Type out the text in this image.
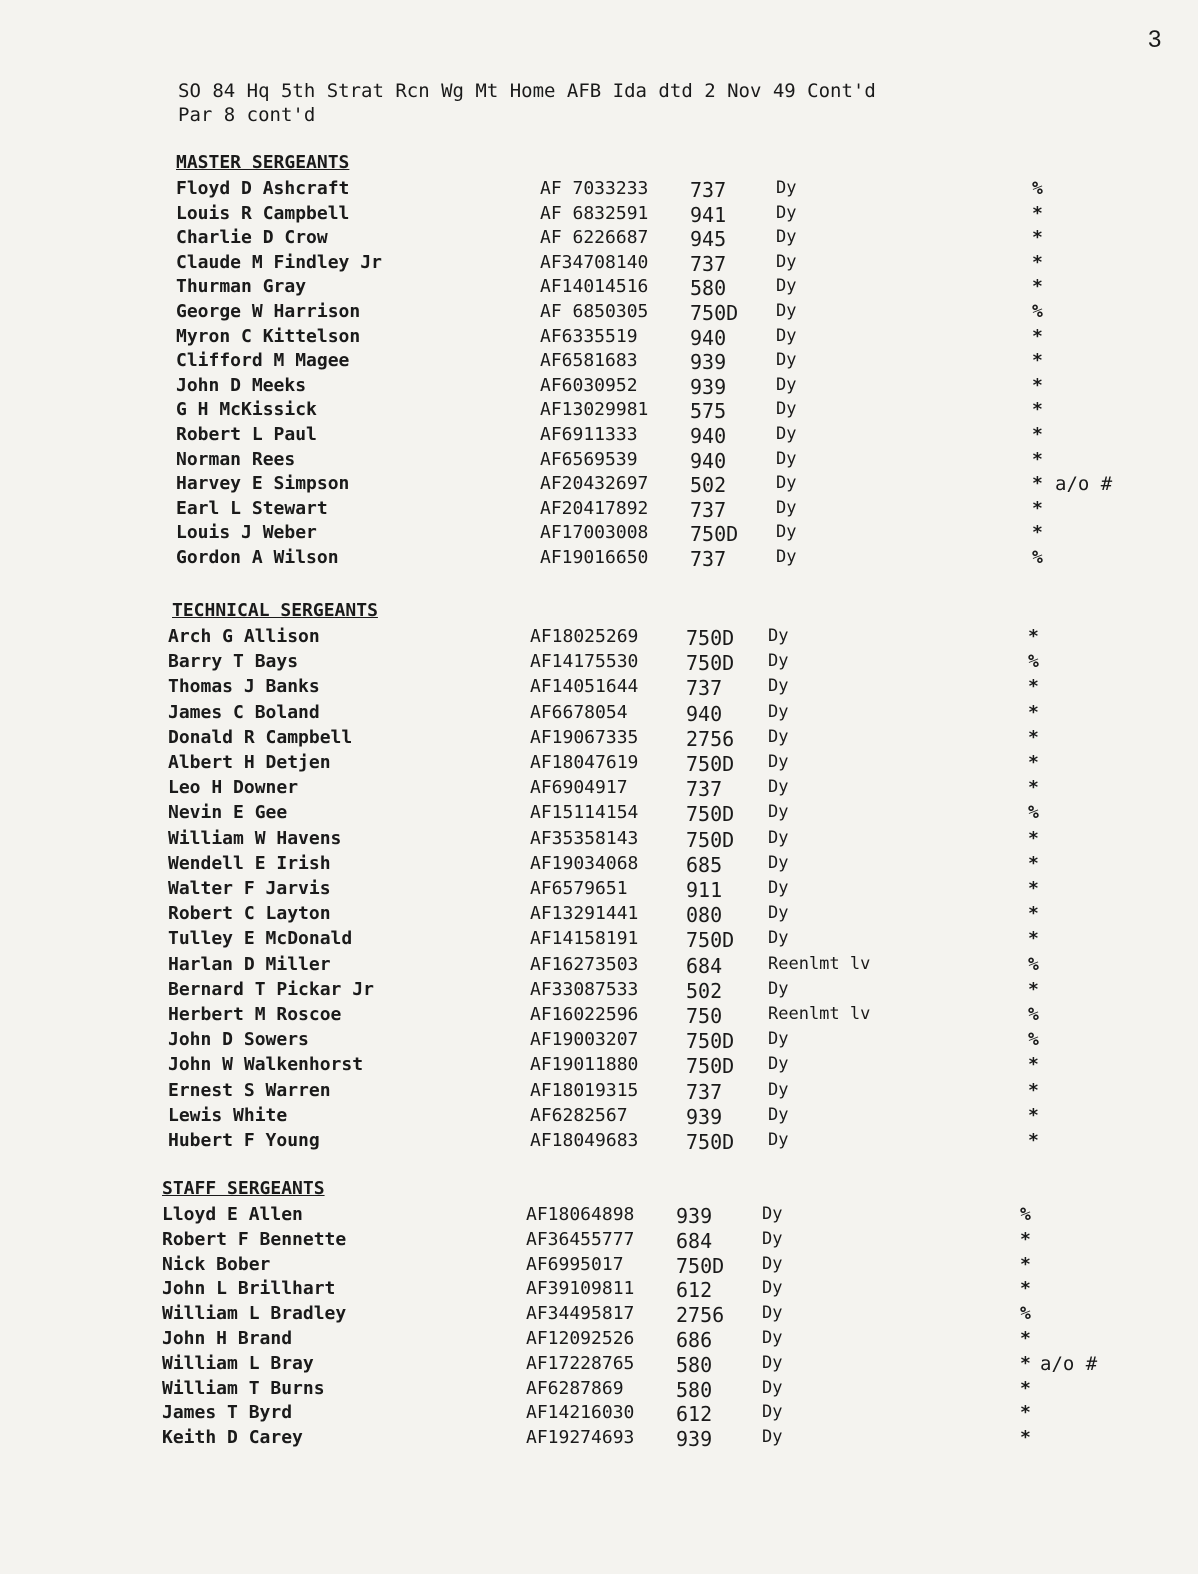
3
SO 84 Hq 5th Strat Rcn Wg Mt Home AFB Ida dtd 2 Nov 49 Cont'd
Par 8 cont'd
MASTER SERGEANTS
Floyd D Ashcraft	AF 7033233 737	Dy	%
Louis R Campbell	AF 6832591 941	Dy	*
Charlie D Crow	AF 6226687 945	Dy	*
Claude M Findley Jr	AF34708140 737	Dy	*
Thurman Gray	AF14014516 580	Dy	*
George W Harrison	AF 6850305 750D Dy	%
Myron C Kittelson	AF6335519	940	Dy	*
Clifford M Magee	AF6581683	939	Dy	*
John D Meeks	AF6030952	939	Dy	*
G H McKissick	AF13029981 575	Dy	*
Robert L Paul	AF6911333	940	Dy	*
Norman Rees	AF6569539	940	Dy	*
Harvey E Simpson	AF20432697 502	Dy	* a/o #
Earl L Stewart	AF20417892 737	Dy	*
Louis J Weber	AF17003008 750D Dy	*
Gordon A Wilson	AF19016650 737	Dy	%
TECHNICAL SERGEANTS
Arch G Allison	AF18025269 750D Dy	*
Barry T Bays	AF14175530 750D Dy	%
Thomas J Banks	AF14051644 737	Dy	*
James C Boland	AF6678054	940	Dy	*
Donald R Campbell	AF19067335 2756 Dy	*
Albert H Detjen	AF18047619 750D Dy	*
Leo H Downer	AF6904917	737	Dy	*
Nevin E Gee	AF15114154 750D Dy	%
William W Havens	AF35358143 750D Dy	*
Wendell E Irish	AF19034068 685	Dy	*
Walter F Jarvis	AF6579651	911	Dy	*
Robert C Layton	AF13291441 080	Dy	*
Tulley E McDonald	AF14158191 750D Dy	*
Harlan D Miller	AF16273503 684	Reenlmt lv	%
Bernard T Pickar Jr	AF33087533 502	Dy	*
Herbert M Roscoe	AF16022596 750	Reenlmt lv	%
John D Sowers	AF19003207 750D Dy	%
John W Walkenhorst	AF19011880 750D Dy	*
Ernest S Warren	AF18019315 737	Dy	*
Lewis White	AF6282567	939	Dy	*
Hubert F Young	AF18049683 750D Dy	*
STAFF SERGEANTS
Lloyd E Allen	AF18064898 939	Dy	%
Robert F Bennette	AF36455777 684	Dy	*
Nick Bober	AF6995017	750D Dy	*
John L Brillhart	AF39109811 612	Dy	*
William L Bradley	AF34495817 2756 Dy	%
John H Brand	AF12092526 686	Dy	*
William L Bray	AF17228765 580	Dy	* a/o #
William T Burns	AF6287869	580	Dy	*
James T Byrd	AF14216030 612	Dy	*
Keith D Carey	AF19274693 939	Dy	*
